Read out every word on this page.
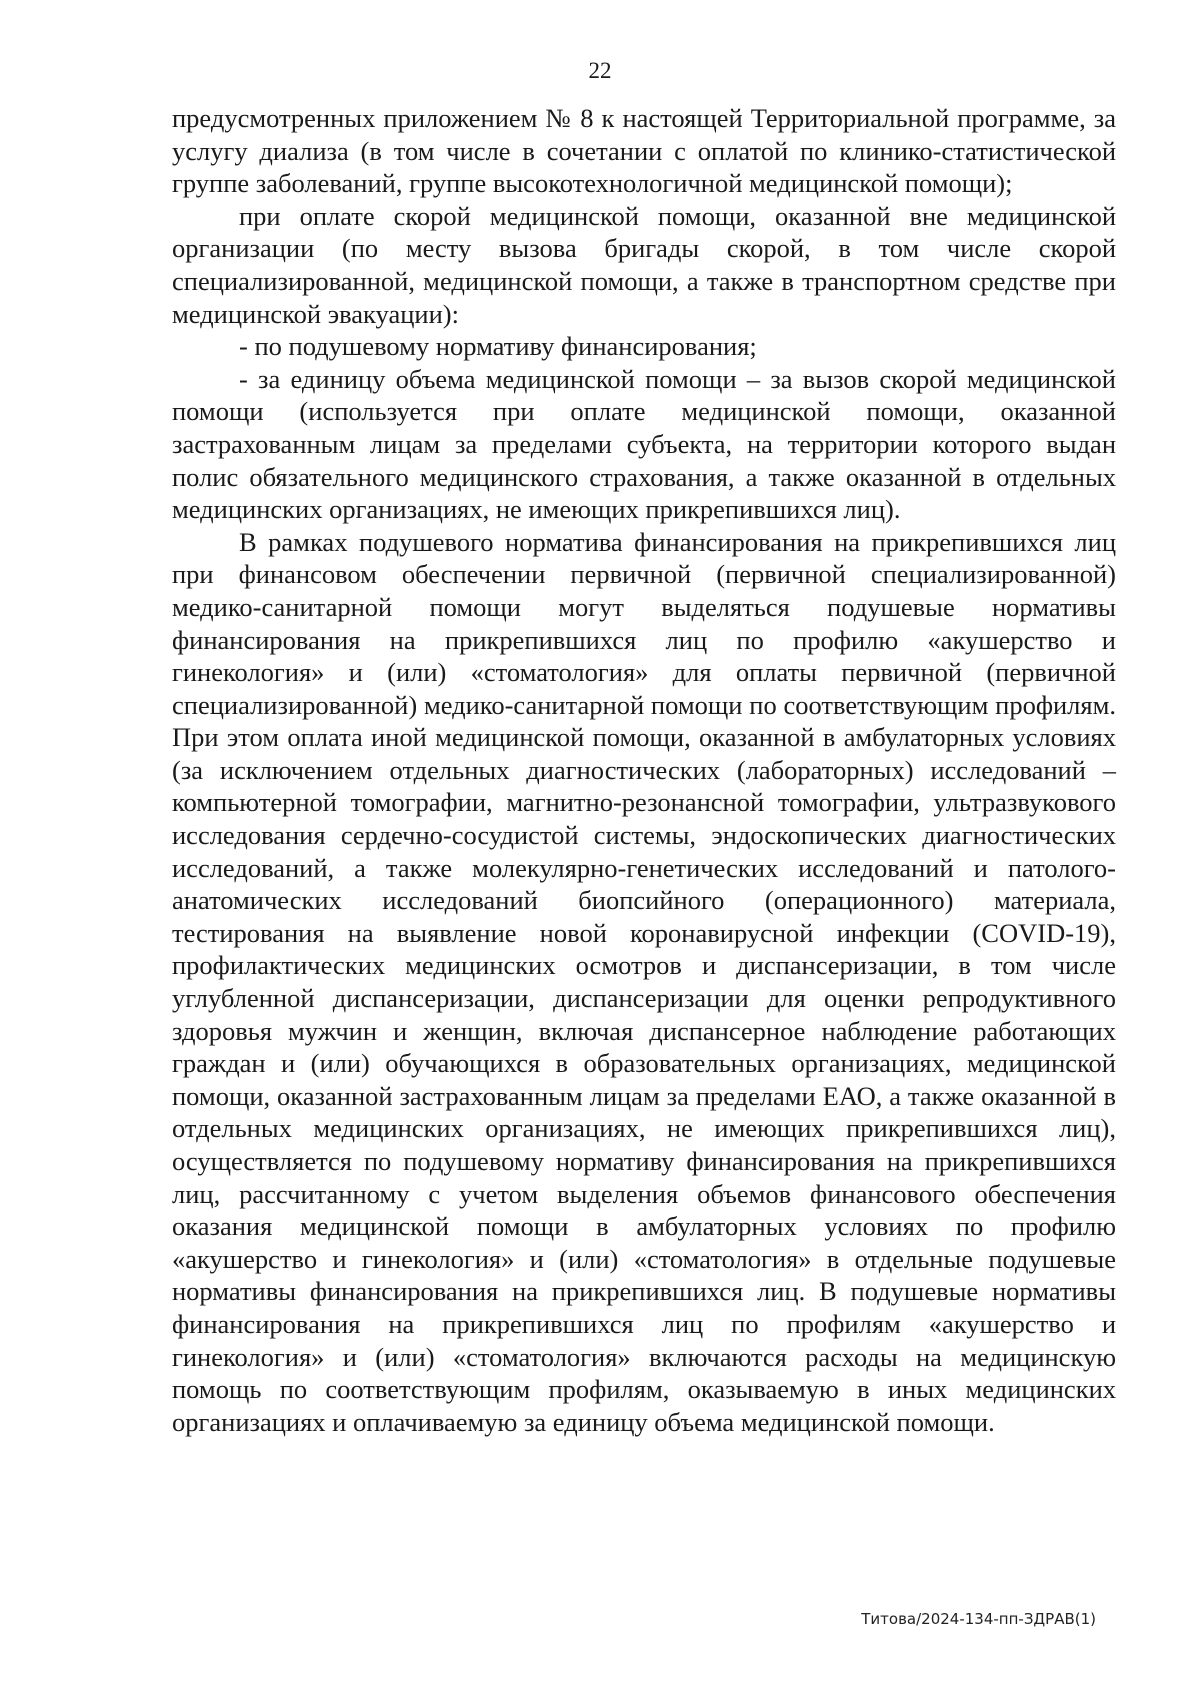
22

предусмотренных приложением № 8 к настоящей Территориальной программе, за услугу диализа (в том числе в сочетании с оплатой по клинико-статистической группе заболеваний, группе высокотехнологичной медицинской помощи);

при оплате скорой медицинской помощи, оказанной вне медицинской организации (по месту вызова бригады скорой, в том числе скорой специализированной, медицинской помощи, а также в транспортном средстве при медицинской эвакуации):

- по подушевому нормативу финансирования;

- за единицу объема медицинской помощи – за вызов скорой медицинской помощи (используется при оплате медицинской помощи, оказанной застрахованным лицам за пределами субъекта, на территории которого выдан полис обязательного медицинского страхования, а также оказанной в отдельных медицинских организациях, не имеющих прикрепившихся лиц).

В рамках подушевого норматива финансирования на прикрепившихся лиц при финансовом обеспечении первичной (первичной специализированной) медико-санитарной помощи могут выделяться подушевые нормативы финансирования на прикрепившихся лиц по профилю «акушерство и гинекология» и (или) «стоматология» для оплаты первичной (первичной специализированной) медико-санитарной помощи по соответствующим профилям. При этом оплата иной медицинской помощи, оказанной в амбулаторных условиях (за исключением отдельных диагностических (лабораторных) исследований – компьютерной томографии, магнитно-резонансной томографии, ультразвукового исследования сердечно-сосудистой системы, эндоскопических диагностических исследований, а также молекулярно-генетических исследований и патолого-анатомических исследований биопсийного (операционного) материала, тестирования на выявление новой коронавирусной инфекции (COVID-19), профилактических медицинских осмотров и диспансеризации, в том числе углубленной диспансеризации, диспансеризации для оценки репродуктивного здоровья мужчин и женщин, включая диспансерное наблюдение работающих граждан и (или) обучающихся в образовательных организациях, медицинской помощи, оказанной застрахованным лицам за пределами ЕАО, а также оказанной в отдельных медицинских организациях, не имеющих прикрепившихся лиц), осуществляется по подушевому нормативу финансирования на прикрепившихся лиц, рассчитанному с учетом выделения объемов финансового обеспечения оказания медицинской помощи в амбулаторных условиях по профилю «акушерство и гинекология» и (или) «стоматология» в отдельные подушевые нормативы финансирования на прикрепившихся лиц. В подушевые нормативы финансирования на прикрепившихся лиц по профилям «акушерство и гинекология» и (или) «стоматология» включаются расходы на медицинскую помощь по соответствующим профилям, оказываемую в иных медицинских организациях и оплачиваемую за единицу объема медицинской помощи.

Титова/2024-134-пп-ЗДРАВ(1)
